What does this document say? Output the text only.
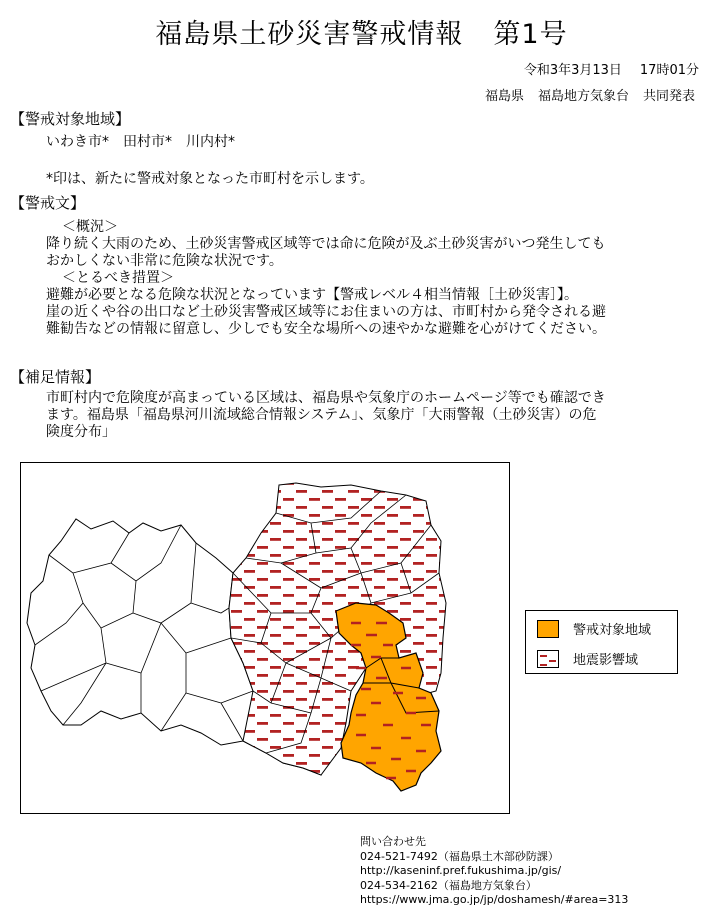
福島県土砂災害警戒情報 第1号
令和3年3月13日 17時01分
福島県 福島地方気象台 共同発表
【警戒対象地域】
いわき市*　田村市*　川内村*
*印は、新たに警戒対象となった市町村を示します。
【警戒文】
＜概況＞
降り続く大雨のため、土砂災害警戒区域等では命に危険が及ぶ土砂災害がいつ発生しても
おかしくない非常に危険な状況です。
＜とるべき措置＞
避難が必要となる危険な状況となっています【警戒レベル４相当情報［土砂災害］】。
崖の近くや谷の出口など土砂災害警戒区域等にお住まいの方は、市町村から発令される避
難勧告などの情報に留意し、少しでも安全な場所への速やかな避難を心がけてください。
【補足情報】
市町村内で危険度が高まっている区域は、福島県や気象庁のホームページ等でも確認でき
ます。福島県「福島県河川流域総合情報システム」、気象庁「大雨警報（土砂災害）の危
険度分布」
警戒対象地域
地震影響域
問い合わせ先
024-521-7492（福島県土木部砂防課）
http://kaseninf.pref.fukushima.jp/gis/
024-534-2162（福島地方気象台）
https://www.jma.go.jp/jp/doshamesh/#area=313
